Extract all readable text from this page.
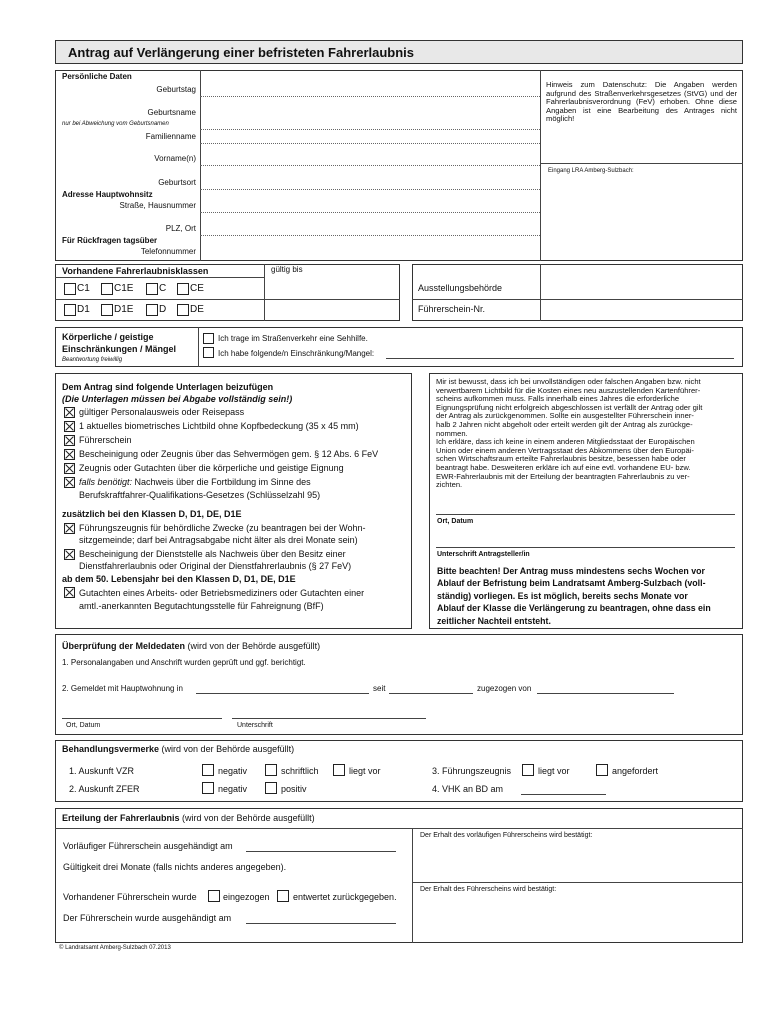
Antrag auf Verlängerung einer befristeten Fahrerlaubnis
Persönliche Daten
Geburtstag
Geburtsname
nur bei Abweichung vom Geburtsnamen
Familienname
Vorname(n)
Geburtsort
Adresse Hauptwohnsitz
Straße, Hausnummer
PLZ, Ort
Für Rückfragen tagsüber
Telefonnummer
Hinweis zum Datenschutz: Die Angaben werden aufgrund des Straßenverkehrsgesetzes (StVG) und der Fahrerlaubnisverordnung (FeV) erhoben. Ohne diese Angaben ist eine Bearbeitung des Antrages nicht möglich!
Eingang LRA Amberg-Sulzbach:
Vorhandene Fahrerlaubnisklassen	gültig bis
C1 C1E	C CE
D1 D1E	D DE
Ausstellungsbehörde
Führerschein-Nr.
Körperliche / geistige
Einschränkungen / Mängel
Beantwortung freiwillig
Ich trage im Straßenverkehr eine Sehhilfe.
Ich habe folgende/n Einschränkung/Mangel:
Dem Antrag sind folgende Unterlagen beizufügen
(Die Unterlagen müssen bei Abgabe vollständig sein!)
gültiger Personalausweis oder Reisepass
1 aktuelles biometrisches Lichtbild ohne Kopfbedeckung (35 x 45 mm)
Führerschein
Bescheinigung oder Zeugnis über das Sehvermögen gem. § 12 Abs. 6 FeV
Zeugnis oder Gutachten über die körperliche und geistige Eignung
falls benötigt: Nachweis über die Fortbildung im Sinne des
Berufskraftfahrer-Qualifikations-Gesetzes (Schlüsselzahl 95)
zusätzlich bei den Klassen D, D1, DE, D1E
Führungszeugnis für behördliche Zwecke (zu beantragen bei der Wohn-
sitzgemeinde; darf bei Antragsabgabe nicht älter als drei Monate sein)
Bescheinigung der Dienststelle als Nachweis über den Besitz einer
Dienstfahrerlaubnis oder Original der Dienstfahrerlaubnis (§ 27 FeV)
ab dem 50. Lebensjahr bei den Klassen D, D1, DE, D1E
Gutachten eines Arbeits- oder Betriebsmediziners oder Gutachten einer
amtl.-anerkannten Begutachtungsstelle für Fahreignung (BfF)
Mir ist bewusst, dass ich bei unvollständigen oder falschen Angaben bzw. nicht
verwertbarem Lichtbild für die Kosten eines neu auszustellenden Kartenführer-
scheins aufkommen muss. Falls innerhalb eines Jahres die erforderliche
Eignungsprüfung nicht erfolgreich abgeschlossen ist verfällt der Antrag oder gilt
der Antrag als zurückgenommen. Sollte ein ausgestellter Führerschein inner-
halb 2 Jahren nicht abgeholt oder erteilt werden gilt der Antrag als zurückge-
nommen.
Ich erkläre, dass ich keine in einem anderen Mitgliedsstaat der Europäischen
Union oder einem anderen Vertragsstaat des Abkommens über den Europäi-
schen Wirtschaftsraum erteilte Fahrerlaubnis besitze, besessen habe oder
beantragt habe. Desweiteren erkläre ich auf eine evtl. vorhandene EU- bzw.
EWR-Fahrerlaubnis mit der Erteilung der beantragten Fahrerlaubnis zu ver-
zichten.
Ort, Datum
Unterschrift Antragsteller/in
Bitte beachten! Der Antrag muss mindestens sechs Wochen vor
Ablauf der Befristung beim Landratsamt Amberg-Sulzbach (voll-
ständig) vorliegen. Es ist möglich, bereits sechs Monate vor
Ablauf der Klasse die Verlängerung zu beantragen, ohne dass ein
zeitlicher Nachteil entsteht.
Überprüfung der Meldedaten (wird von der Behörde ausgefüllt)
1. Personalangaben und Anschrift wurden geprüft und ggf. berichtigt.
2. Gemeldet mit Hauptwohnung in	seit	zugezogen von
Ort, Datum	Unterschrift
Behandlungsvermerke (wird von der Behörde ausgefüllt)
1. Auskunft VZR	negativ	schriftlich	liegt vor
2. Auskunft ZFER	negativ	positiv
3. Führungszeugnis	liegt vor	angefordert
4. VHK an BD am
Erteilung der Fahrerlaubnis (wird von der Behörde ausgefüllt)
Vorläufiger Führerschein ausgehändigt am
Gültigkeit drei Monate (falls nichts anderes angegeben).
Vorhandener Führerschein wurde	eingezogen	entwertet zurückgegeben.
Der Führerschein wurde ausgehändigt am
Der Erhalt des vorläufigen Führerscheins wird bestätigt:
Der Erhalt des Führerscheins wird bestätigt:
© Landratsamt Amberg-Sulzbach 07.2013
